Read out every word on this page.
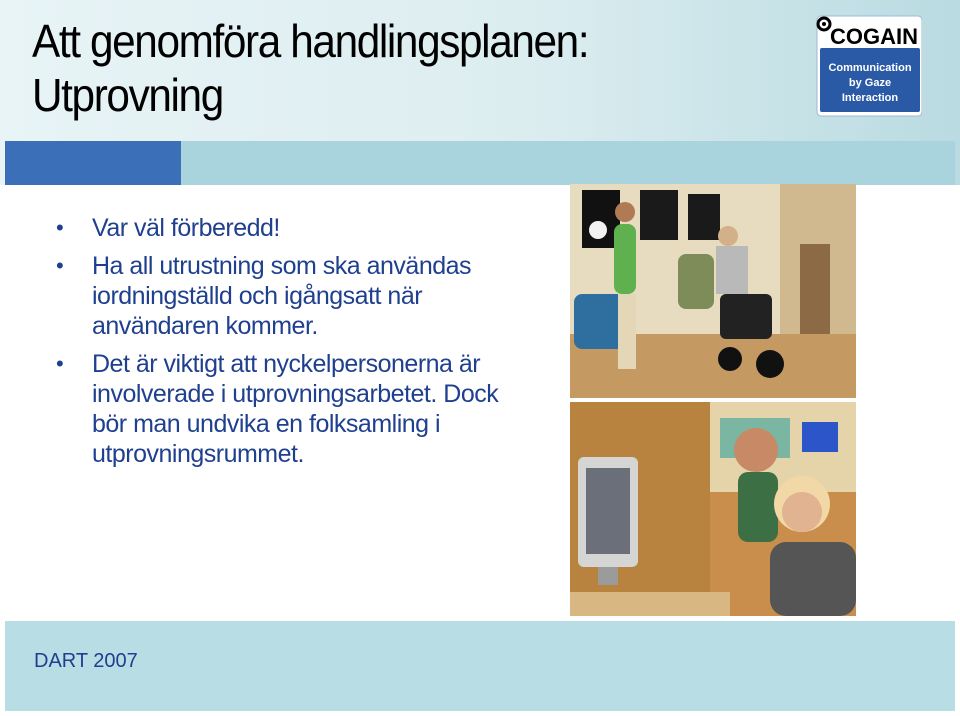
Att genomföra handlingsplanen:
Utprovning
COGAIN
Communication
by Gaze
Interaction
• Var väl förberedd!
• Ha all utrustning som ska användas iordningställd och igångsatt när användaren kommer.
• Det är viktigt att nyckelpersonerna är involverade i utprovningsarbetet. Dock bör man undvika en folksamling i utprovningsrummet.
DART 2007
